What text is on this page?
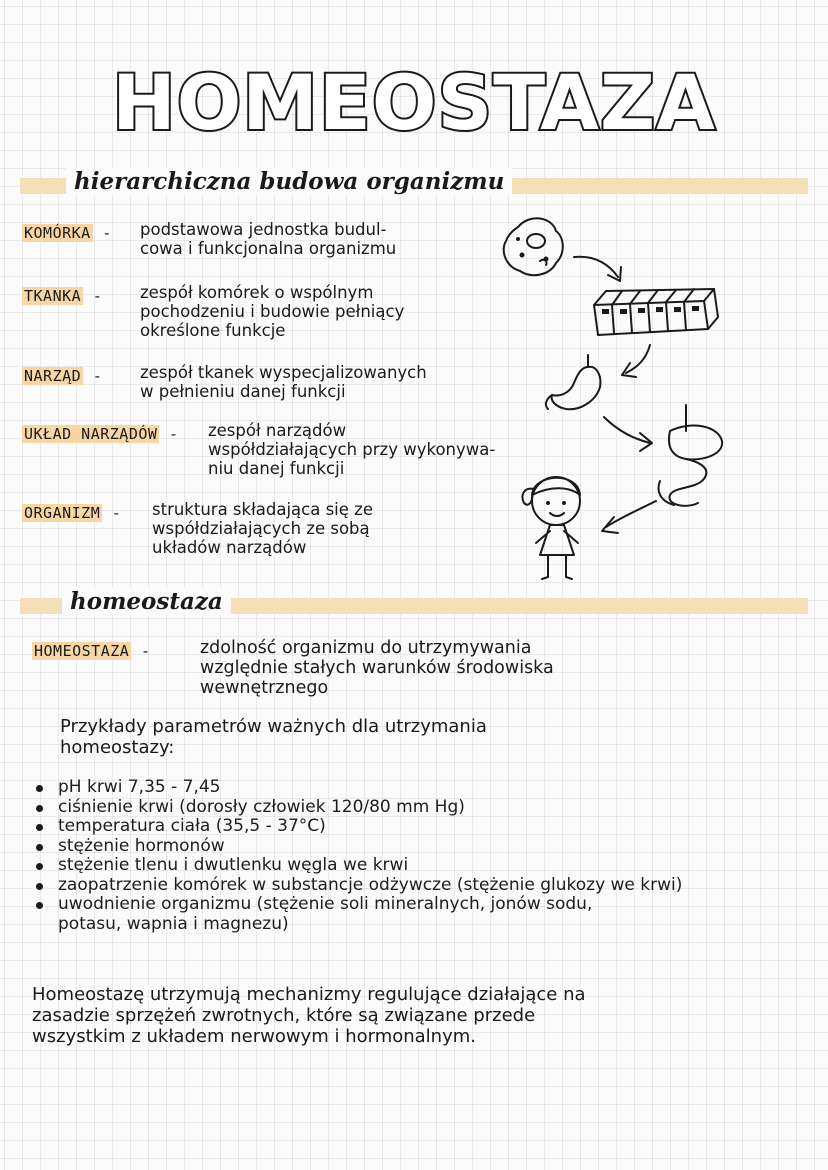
HOMEOSTAZA
hierarchiczna budowa organizmu
KOMÓRKA - podstawowa jednostka budul-
cowa i funkcjonalna organizmu
TKANKA - zespół komórek o wspólnym
pochodzeniu i budowie pełniący
określone funkcje
NARZĄD - zespół tkanek wyspecjalizowanych
w pełnieniu danej funkcji
UKŁAD NARZĄDÓW - zespół narządów
współdziałających przy wykonywa-
niu danej funkcji
ORGANIZM - struktura składająca się ze
współdziałających ze sobą
układów narządów
homeostaza
HOMEOSTAZA -	zdolność organizmu do utrzymywania
względnie stałych warunków środowiska
wewnętrznego
Przykłady parametrów ważnych dla utrzymania
homeostazy:
pH krwi 7,35 - 7,45
ciśnienie krwi (dorosły człowiek 120/80 mm Hg)
temperatura ciała (35,5 - 37°C)
stężenie hormonów
stężenie tlenu i dwutlenku węgla we krwi
zaopatrzenie komórek w substancje odżywcze (stężenie glukozy we krwi)
uwodnienie organizmu (stężenie soli mineralnych, jonów sodu,
potasu, wapnia i magnezu)
Homeostazę utrzymują mechanizmy regulujące działające na
zasadzie sprzężeń zwrotnych, które są związane przede
wszystkim z układem nerwowym i hormonalnym.
